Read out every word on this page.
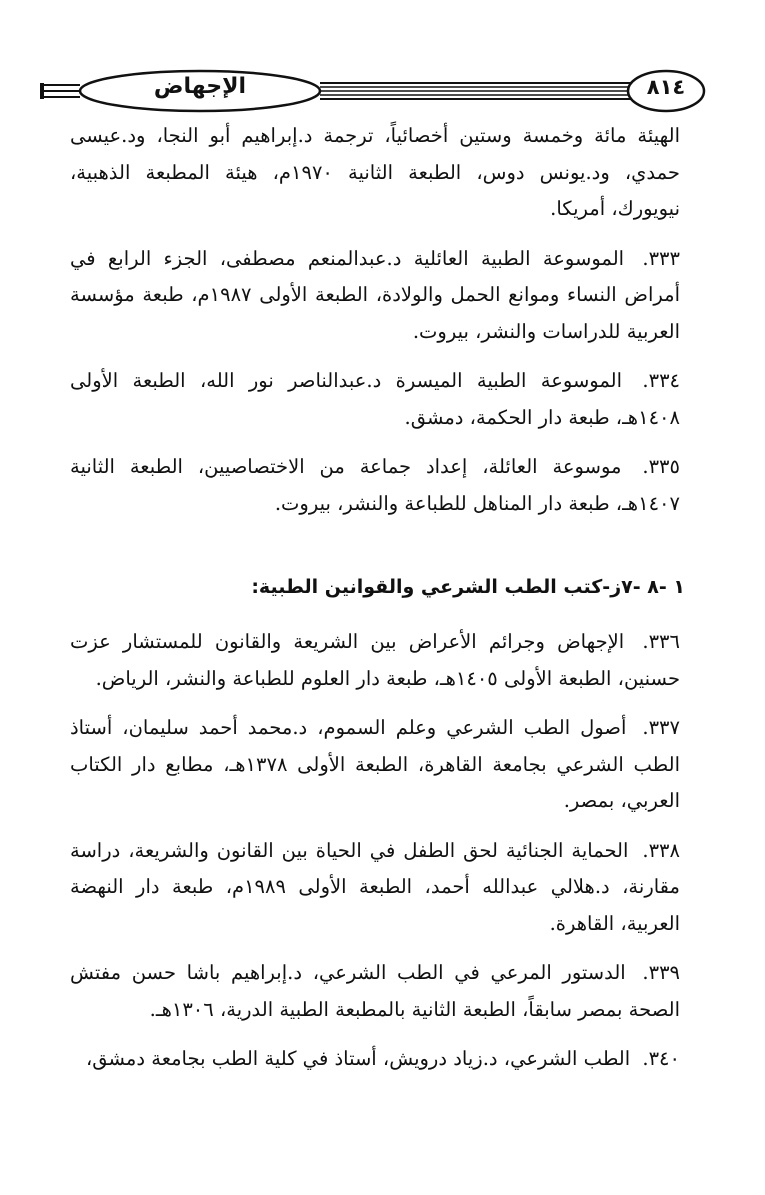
الإجهاض	٨١٤

الهيئة مائة وخمسة وستين أخصائياً، ترجمة د.إبراهيم أبو النجا، ود.عيسى حمدي، ود.يونس دوس، الطبعة الثانية ١٩٧٠م، هيئة المطبعة الذهبية، نيويورك، أمريكا.

٣٣٣. الموسوعة الطبية العائلية د.عبدالمنعم مصطفى، الجزء الرابع في أمراض النساء وموانع الحمل والولادة، الطبعة الأولى ١٩٨٧م، طبعة مؤسسة العربية للدراسات والنشر، بيروت.

٣٣٤. الموسوعة الطبية الميسرة د.عبدالناصر نور الله، الطبعة الأولى ١٤٠٨هـ، طبعة دار الحكمة، دمشق.

٣٣٥. موسوعة العائلة، إعداد جماعة من الاختصاصيين، الطبعة الثانية ١٤٠٧هـ، طبعة دار المناهل للطباعة والنشر، بيروت.

١ -٨ -٧ز-كتب الطب الشرعي والقوانين الطبية:

٣٣٦. الإجهاض وجرائم الأعراض بين الشريعة والقانون للمستشار عزت حسنين، الطبعة الأولى ١٤٠٥هـ، طبعة دار العلوم للطباعة والنشر، الرياض.

٣٣٧. أصول الطب الشرعي وعلم السموم، د.محمد أحمد سليمان، أستاذ الطب الشرعي بجامعة القاهرة، الطبعة الأولى ١٣٧٨هـ، مطابع دار الكتاب العربي، بمصر.

٣٣٨. الحماية الجنائية لحق الطفل في الحياة بين القانون والشريعة، دراسة مقارنة، د.هلالي عبدالله أحمد، الطبعة الأولى ١٩٨٩م، طبعة دار النهضة العربية، القاهرة.

٣٣٩. الدستور المرعي في الطب الشرعي، د.إبراهيم باشا حسن مفتش الصحة بمصر سابقاً، الطبعة الثانية بالمطبعة الطبية الدرية، ١٣٠٦هـ.

٣٤٠. الطب الشرعي، د.زياد درويش، أستاذ في كلية الطب بجامعة دمشق،
